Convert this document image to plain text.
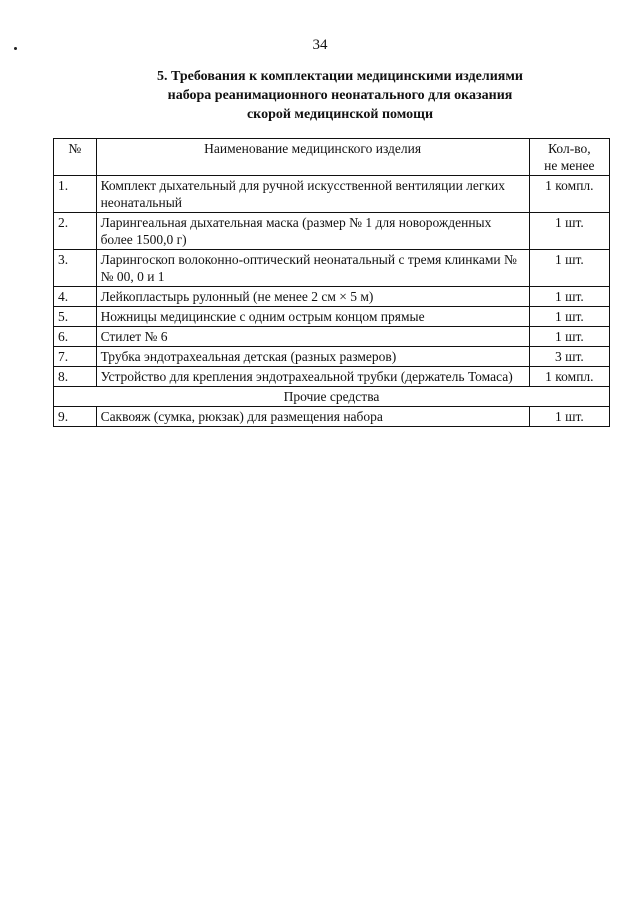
34
5. Требования к комплектации медицинскими изделиями
набора реанимационного неонатального для оказания
скорой медицинской помощи
№	Наименование медицинского изделия	Кол-во,
не менее

1.	Комплект дыхательный для ручной искусственной вентиляции легких неонатальный	1 компл.
2.	Ларингеальная дыхательная маска (размер № 1 для новорожденных более 1500,0 г)	1 шт.
3.	Ларингоскоп волоконно-оптический неонатальный с тремя клинками №№ 00, 0 и 1	1 шт.
4.	Лейкопластырь рулонный (не менее 2 см × 5 м)	1 шт.
5.	Ножницы медицинские с одним острым концом прямые	1 шт.
6.	Стилет № 6	1 шт.
7.	Трубка эндотрахеальная детская (разных размеров)	3 шт.
8.	Устройство для крепления эндотрахеальной трубки (держатель Томаса)	1 компл.
Прочие средства		
9.	Саквояж (сумка, рюкзак) для размещения набора	1 шт.
